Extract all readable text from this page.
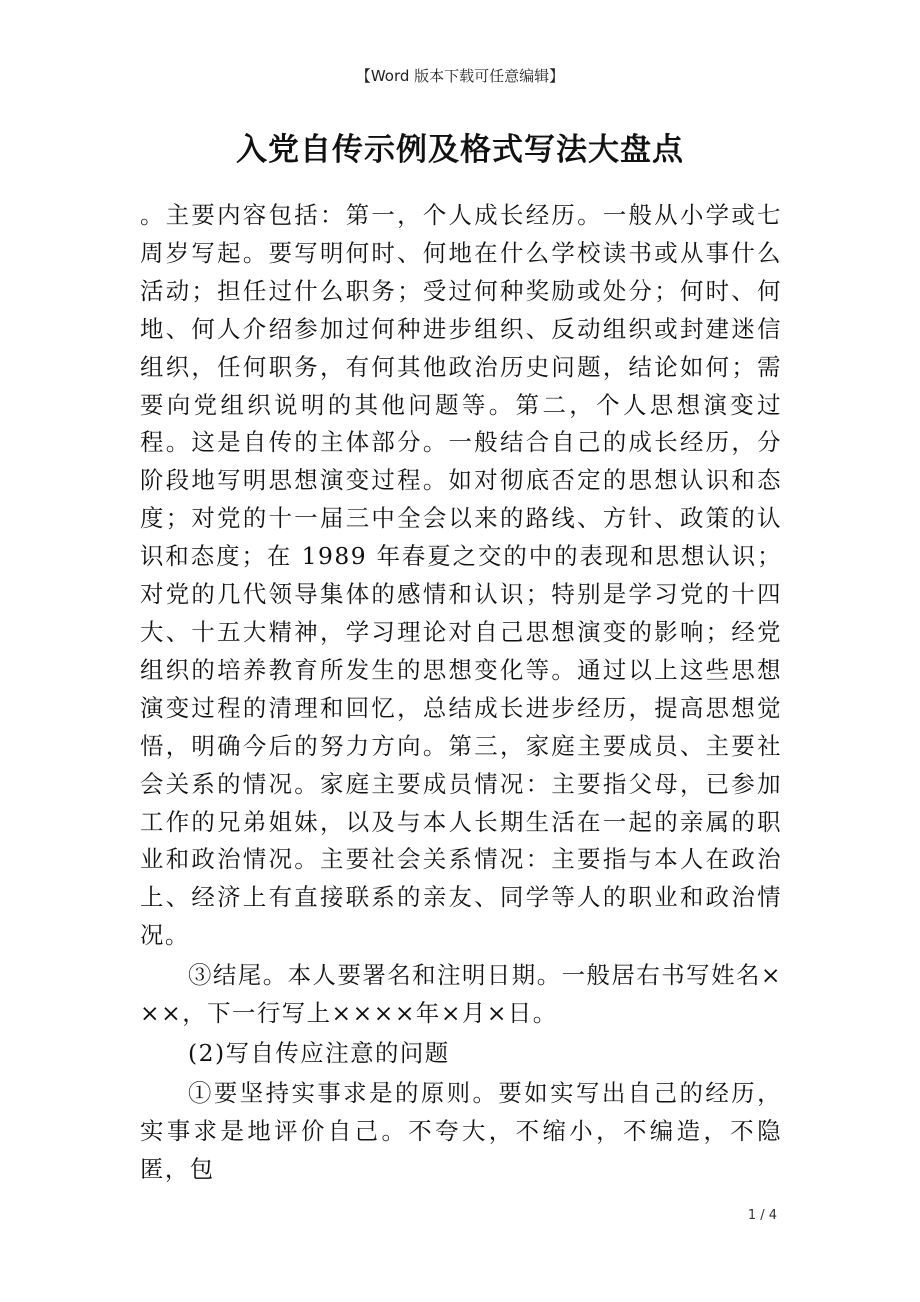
【Word 版本下载可任意编辑】
入党自传示例及格式写法大盘点

。主要内容包括：第一，个人成长经历。一般从小学或七周岁写起。要写明何时、何地在什么学校读书或从事什么活动；担任过什么职务；受过何种奖励或处分；何时、何地、何人介绍参加过何种进步组织、反动组织或封建迷信组织，任何职务，有何其他政治历史问题，结论如何；需要向党组织说明的其他问题等。第二，个人思想演变过程。这是自传的主体部分。一般结合自己的成长经历，分阶段地写明思想演变过程。如对彻底否定的思想认识和态度；对党的十一届三中全会以来的路线、方针、政策的认识和态度；在 1989 年春夏之交的中的表现和思想认识；对党的几代领导集体的感情和认识；特别是学习党的十四大、十五大精神，学习理论对自己思想演变的影响；经党组织的培养教育所发生的思想变化等。通过以上这些思想演变过程的清理和回忆，总结成长进步经历，提高思想觉悟，明确今后的努力方向。第三，家庭主要成员、主要社会关系的情况。家庭主要成员情况：主要指父母，已参加工作的兄弟姐妹，以及与本人长期生活在一起的亲属的职业和政治情况。主要社会关系情况：主要指与本人在政治上、经济上有直接联系的亲友、同学等人的职业和政治情况。

③结尾。本人要署名和注明日期。一般居右书写姓名×××，下一行写上××××年×月×日。

(2)写自传应注意的问题

①要坚持实事求是的原则。要如实写出自己的经历，实事求是地评价自己。不夸大，不缩小，不编造，不隐匿，包

1 / 4
